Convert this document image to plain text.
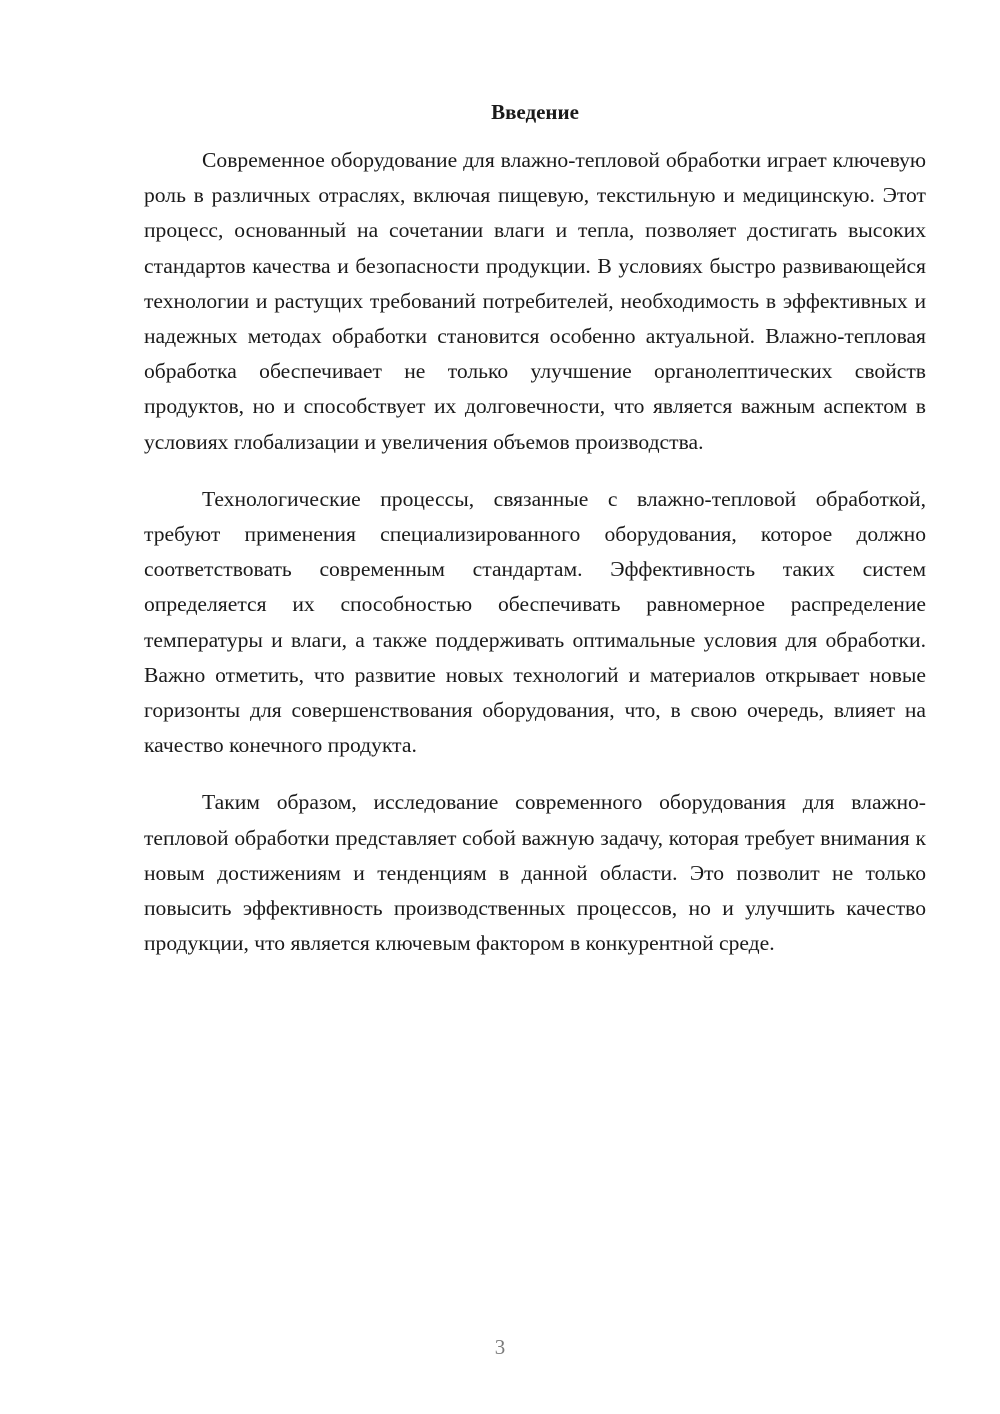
Введение

Современное оборудование для влажно-тепловой обработки играет ключевую роль в различных отраслях, включая пищевую, текстильную и медицинскую. Этот процесс, основанный на сочетании влаги и тепла, позволяет достигать высоких стандартов качества и безопасности продукции. В условиях быстро развивающейся технологии и растущих требований потребителей, необходимость в эффективных и надежных методах обработки становится особенно актуальной. Влажно-тепловая обработка обеспечивает не только улучшение органолептических свойств продуктов, но и способствует их долговечности, что является важным аспектом в условиях глобализации и увеличения объемов производства.

Технологические процессы, связанные с влажно-тепловой обработкой, требуют применения специализированного оборудования, которое должно соответствовать современным стандартам. Эффективность таких систем определяется их способностью обеспечивать равномерное распределение температуры и влаги, а также поддерживать оптимальные условия для обработки. Важно отметить, что развитие новых технологий и материалов открывает новые горизонты для совершенствования оборудования, что, в свою очередь, влияет на качество конечного продукта.

Таким образом, исследование современного оборудования для влажно-тепловой обработки представляет собой важную задачу, которая требует внимания к новым достижениям и тенденциям в данной области. Это позволит не только повысить эффективность производственных процессов, но и улучшить качество продукции, что является ключевым фактором в конкурентной среде.

3
